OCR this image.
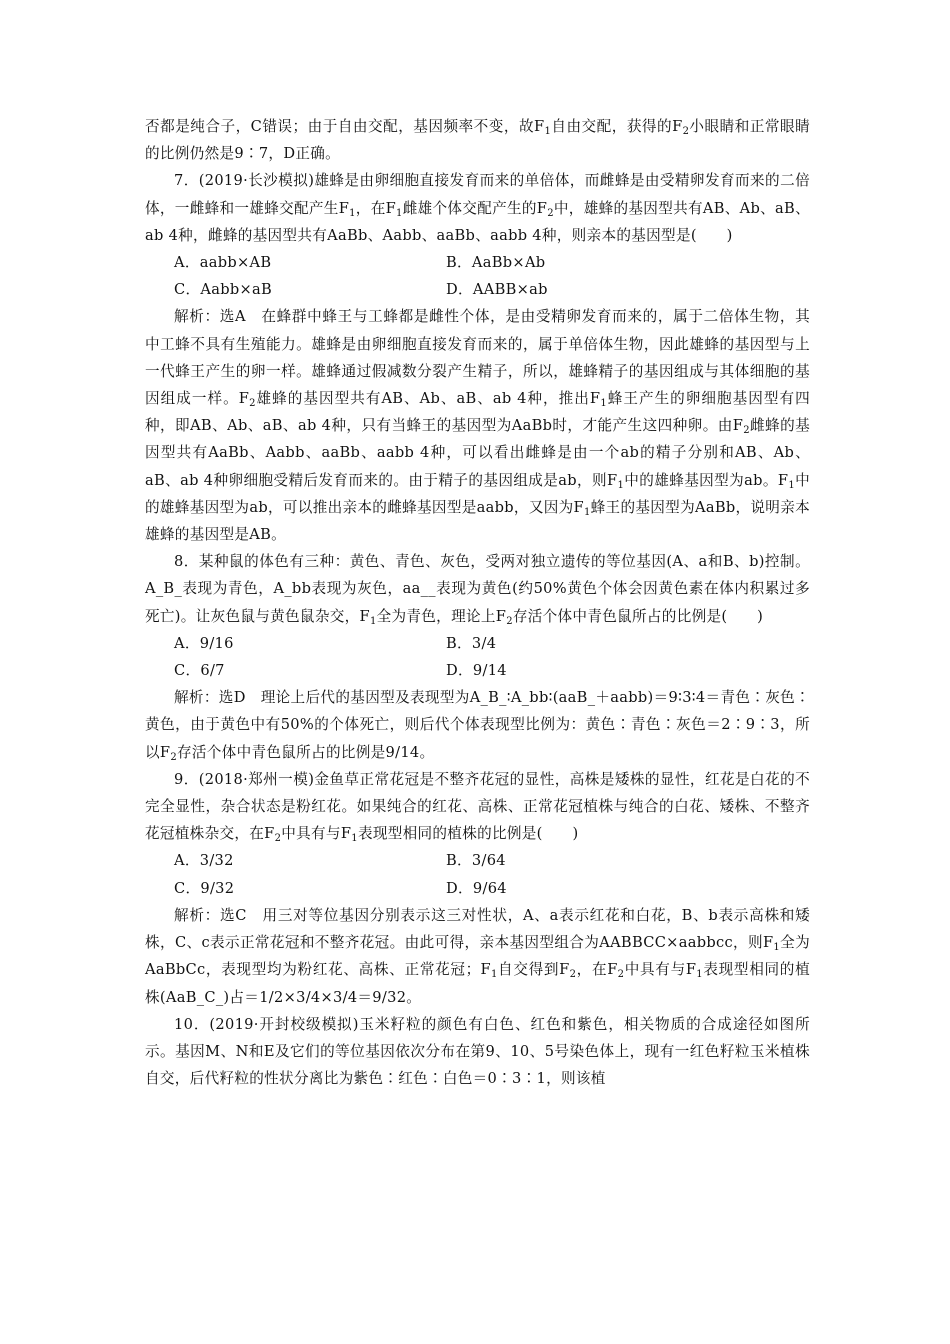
否都是纯合子，C错误；由于自由交配，基因频率不变，故$F_1$自由交配，获得的$F_2$小眼睛和正常眼睛的比例仍然是9∶7，D正确。

7．(2019·长沙模拟)雄蜂是由卵细胞直接发育而来的单倍体，而雌蜂是由受精卵发育而来的二倍体，一雌蜂和一雄蜂交配产生$F_1$，在$F_1$雌雄个体交配产生的$F_2$中，雄蜂的基因型共有AB、Ab、aB、ab 4种，雌蜂的基因型共有AaBb、Aabb、aaBb、aabb 4种，则亲本的基因型是(　　)

A．aabb×AB	B．AaBb×Ab
C．Aabb×aB	D．AABB×ab

解析：选A　在蜂群中蜂王与工蜂都是雌性个体，是由受精卵发育而来的，属于二倍体生物，其中工蜂不具有生殖能力。雄蜂是由卵细胞直接发育而来的，属于单倍体生物，因此雄蜂的基因型与上一代蜂王产生的卵一样。雄蜂通过假减数分裂产生精子，所以，雄蜂精子的基因组成与其体细胞的基因组成一样。$F_2$雄蜂的基因型共有AB、Ab、aB、ab 4种，推出$F_1$蜂王产生的卵细胞基因型有四种，即AB、Ab、aB、ab 4种，只有当蜂王的基因型为AaBb时，才能产生这四种卵。由$F_2$雌蜂的基因型共有AaBb、Aabb、aaBb、aabb 4种，可以看出雌蜂是由一个ab的精子分别和AB、Ab、aB、ab 4种卵细胞受精后发育而来的。由于精子的基因组成是ab，则$F_1$中的雄蜂基因型为ab。$F_1$中的雄蜂基因型为ab，可以推出亲本的雌蜂基因型是aabb，又因为$F_1$蜂王的基因型为AaBb，说明亲本雄蜂的基因型是AB。

8．某种鼠的体色有三种：黄色、青色、灰色，受两对独立遗传的等位基因(A、a和B、b)控制。A_B_表现为青色，A_bb表现为灰色，aa__表现为黄色(约50%黄色个体会因黄色素在体内积累过多死亡)。让灰色鼠与黄色鼠杂交，$F_1$全为青色，理论上$F_2$存活个体中青色鼠所占的比例是(　　)

A．9/16	B．3/4
C．6/7	D．9/14

解析：选D　理论上后代的基因型及表现型为A_B_∶A_bb∶(aaB_＋aabb)＝9∶3∶4＝青色∶灰色∶黄色，由于黄色中有50%的个体死亡，则后代个体表现型比例为：黄色∶青色∶灰色＝2∶9∶3，所以$F_2$存活个体中青色鼠所占的比例是9/14。

9．(2018·郑州一模)金鱼草正常花冠是不整齐花冠的显性，高株是矮株的显性，红花是白花的不完全显性，杂合状态是粉红花。如果纯合的红花、高株、正常花冠植株与纯合的白花、矮株、不整齐花冠植株杂交，在$F_2$中具有与$F_1$表现型相同的植株的比例是(　　)

A．3/32	B．3/64
C．9/32	D．9/64

解析：选C　用三对等位基因分别表示这三对性状，A、a表示红花和白花，B、b表示高株和矮株，C、c表示正常花冠和不整齐花冠。由此可得，亲本基因型组合为AABBCC×aabbcc，则$F_1$全为AaBbCc，表现型均为粉红花、高株、正常花冠；$F_1$自交得到$F_2$，在$F_2$中具有与$F_1$表现型相同的植株(AaB_C_)占＝1/2×3/4×3/4＝9/32。

10．(2019·开封校级模拟)玉米籽粒的颜色有白色、红色和紫色，相关物质的合成途径如图所示。基因M、N和E及它们的等位基因依次分布在第9、10、5号染色体上，现有一红色籽粒玉米植株自交，后代籽粒的性状分离比为紫色∶红色∶白色＝0∶3∶1，则该植
